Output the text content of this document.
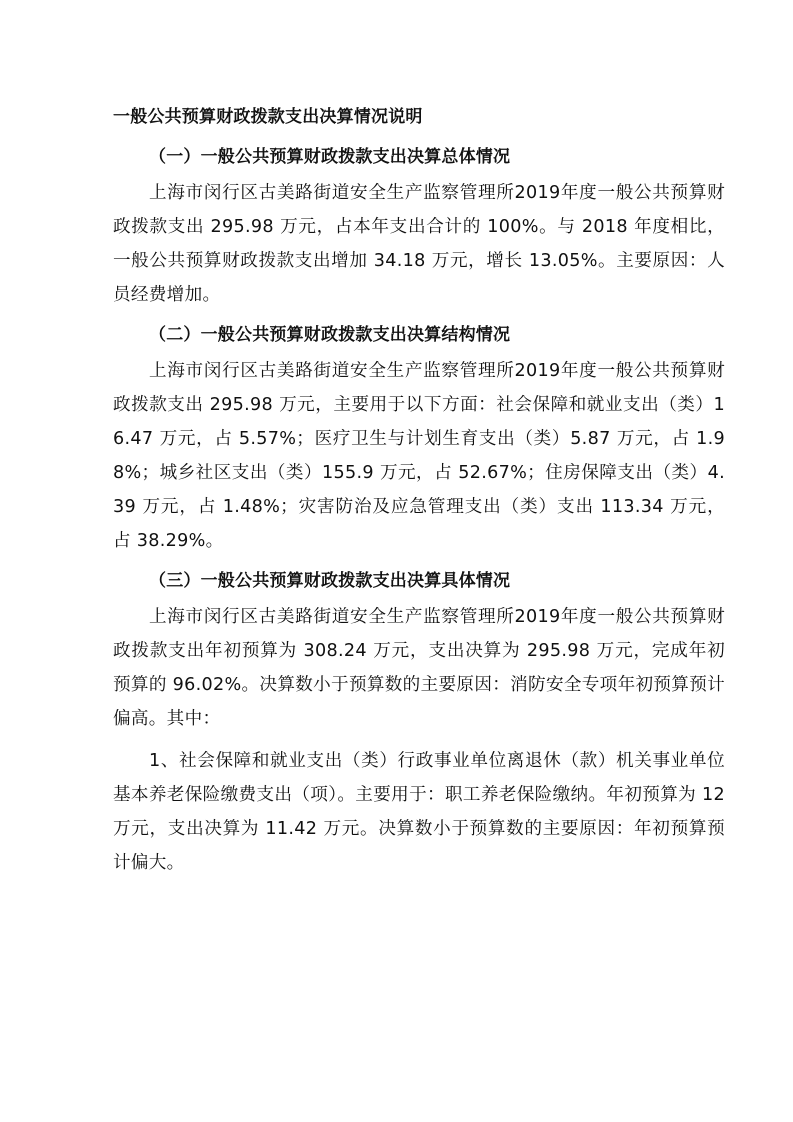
一般公共预算财政拨款支出决算情况说明
（一）一般公共预算财政拨款支出决算总体情况

上海市闵行区古美路街道安全生产监察管理所2019年度一般公共预算财政拨款支出 295.98 万元，占本年支出合计的 100%。与 2018 年度相比，一般公共预算财政拨款支出增加 34.18 万元，增长 13.05%。主要原因：人员经费增加。

（二）一般公共预算财政拨款支出决算结构情况

上海市闵行区古美路街道安全生产监察管理所2019年度一般公共预算财政拨款支出 295.98 万元，主要用于以下方面：社会保障和就业支出（类）16.47 万元，占 5.57%；医疗卫生与计划生育支出（类）5.87 万元，占 1.98%；城乡社区支出（类）155.9 万元，占 52.67%；住房保障支出（类）4.39 万元，占 1.48%；灾害防治及应急管理支出（类）支出 113.34 万元，占 38.29%。

（三）一般公共预算财政拨款支出决算具体情况

上海市闵行区古美路街道安全生产监察管理所2019年度一般公共预算财政拨款支出年初预算为 308.24 万元，支出决算为 295.98 万元，完成年初预算的 96.02%。决算数小于预算数的主要原因：消防安全专项年初预算预计偏高。其中：

1、社会保障和就业支出（类）行政事业单位离退休（款）机关事业单位基本养老保险缴费支出（项）。主要用于：职工养老保险缴纳。年初预算为 12 万元，支出决算为 11.42 万元。决算数小于预算数的主要原因：年初预算预计偏大。
